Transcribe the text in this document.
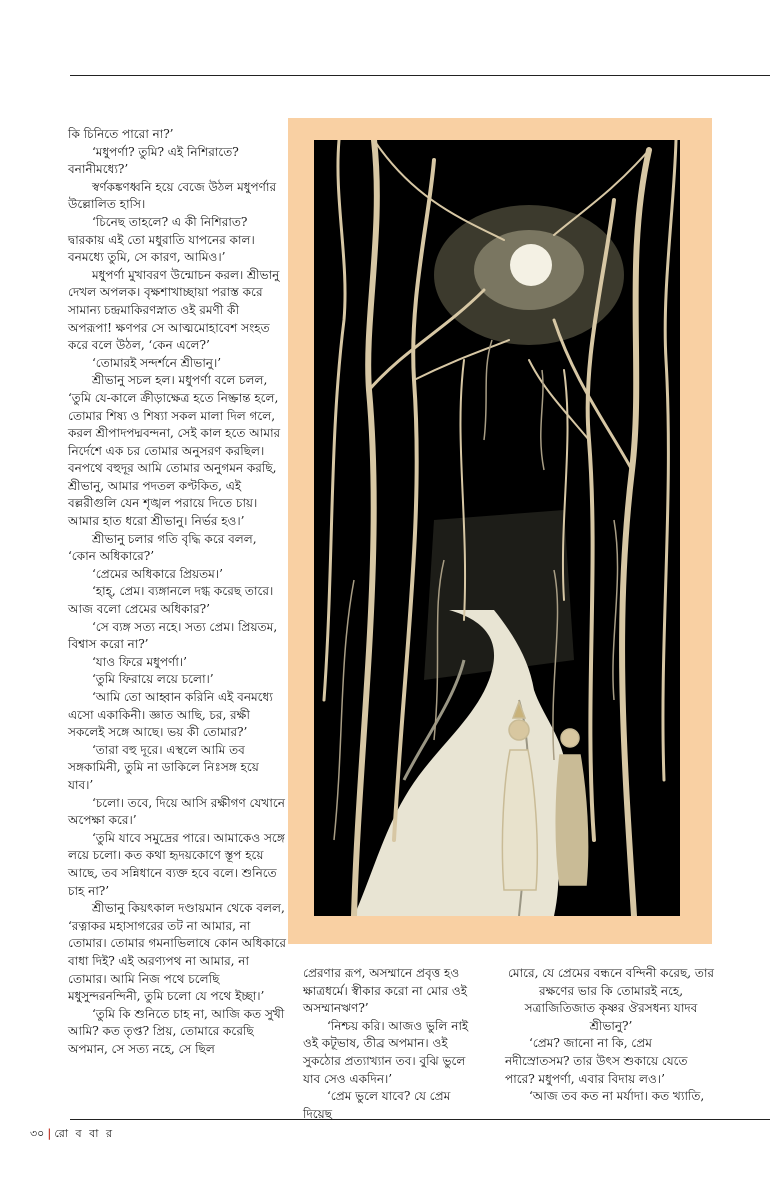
কি চিনিতে পারো না?’

‘মধুপর্ণা? তুমি? এই নিশিরাতে? বনানীমধ্যে?’

স্বর্ণকঙ্কণধ্বনি হয়ে বেজে উঠল মধুপর্ণার উল্লোলিত হাসি।

‘চিনেছ তাহলে? এ কী নিশিরাত? দ্বারকায় এই তো মধুরাতি যাপনের কাল। বনমধ্যে তুমি, সে কারণ, আমিও।’

মধুপর্ণা মুখাবরণ উন্মোচন করল। শ্রীভানু দেখল অপলক। বৃক্ষশাখাচ্ছায়া পরাস্ত করে সামান্য চন্দ্রমাকিরণস্নাত ওই রমণী কী অপরূপা! ক্ষণপর সে আত্মমোহাবেশ সংহত করে বলে উঠল, ‘কেন এলে?’

‘তোমারই সন্দর্শনে শ্রীভানু।’

শ্রীভানু সচল হল। মধুপর্ণা বলে চলল, ‘তুমি যে-কালে ক্রীড়াক্ষেত্র হতে নিষ্ক্রান্ত হলে, তোমার শিষ্য ও শিষ্যা সকল মালা দিল গলে, করল শ্রীপাদপদ্মবন্দনা, সেই কাল হতে আমার নির্দেশে এক চর তোমার অনুসরণ করছিল। বনপথে বহুদূর আমি তোমার অনুগমন করছি, শ্রীভানু, আমার পদতল কণ্টকিত, এই বল্লরীগুলি যেন শৃঙ্খল পরায়ে দিতে চায়। আমার হাত ধরো শ্রীভানু। নির্ভর হও।’

শ্রীভানু চলার গতি বৃদ্ধি করে বলল, ‘কোন অধিকারে?’

‘প্রেমের অধিকারে প্রিয়তম।’

‘হাহ্‌, প্রেম। ব্যঙ্গানলে দগ্ধ করেছ তারে। আজ বলো প্রেমের অধিকার?’

‘সে ব্যঙ্গ সত্য নহে। সত্য প্রেম। প্রিয়তম, বিশ্বাস করো না?’

‘যাও ফিরে মধুপর্ণা।’

‘তুমি ফিরায়ে লয়ে চলো।’

‘আমি তো আহ্বান করিনি এই বনমধ্যে এসো একাকিনী। জ্ঞাত আছি, চর, রক্ষী সকলেই সঙ্গে আছে। ভয় কী তোমার?’

‘তারা বহু দূরে। এস্থলে আমি তব সঙ্গকামিনী, তুমি না ডাকিলে নিঃসঙ্গ হয়ে যাব।’

‘চলো। তবে, দিয়ে আসি রক্ষীগণ যেখানে অপেক্ষা করে।’

‘তুমি যাবে সমুদ্রের পারে। আমাকেও সঙ্গে লয়ে চলো। কত কথা হৃদয়কোণে স্তূপ হয়ে আছে, তব সন্নিধানে ব্যক্ত হবে বলে। শুনিতে চাহ না?’

শ্রীভানু কিয়ৎকাল দণ্ডায়মান থেকে বলল, ‘রত্নাকর মহাসাগরের তট না আমার, না তোমার। তোমার গমনাভিলাষে কোন অধিকারে বাধা দিই? এই অরণ্যপথ না আমার, না তোমার। আমি নিজ পথে চলেছি মধুসুন্দরনন্দিনী, তুমি চলো যে পথে ইচ্ছা।’

‘তুমি কি শুনিতে চাহ না, আজি কত সুখী আমি? কত তৃপ্ত? প্রিয়, তোমারে করেছি অপমান, সে সত্য নহে, সে ছিল

প্রেরণার রূপ, অসম্মানে প্রবৃত্ত হও ক্ষাত্রধর্মে। স্বীকার করো না মোর ওই অসম্মানঋণ?’

‘নিশ্চয় করি। আজও ভুলি নাই ওই কটূভাষ, তীব্র অপমান। ওই সুকঠোর প্রত্যাখ্যান তব। বুঝি ভুলে যাব সেও একদিন।’

‘প্রেম ভুলে যাবে? যে প্রেম দিয়েছ

মোরে, যে প্রেমের বন্ধনে বন্দিনী করেছ, তার রক্ষণের ভার কি তোমারই নহে, সত্রাজিতিজাত কৃষ্ণর ঔরসধন্য যাদব শ্রীভানু?’

‘প্রেম? জানো না কি, প্রেম নদীস্রোতসম? তার উৎস শুকায়ে যেতে পারে? মধুপর্ণা, এবার বিদায় লও।’

‘আজ তব কত না মর্যাদা। কত খ্যাতি,

৩০ | রো ব বা র
